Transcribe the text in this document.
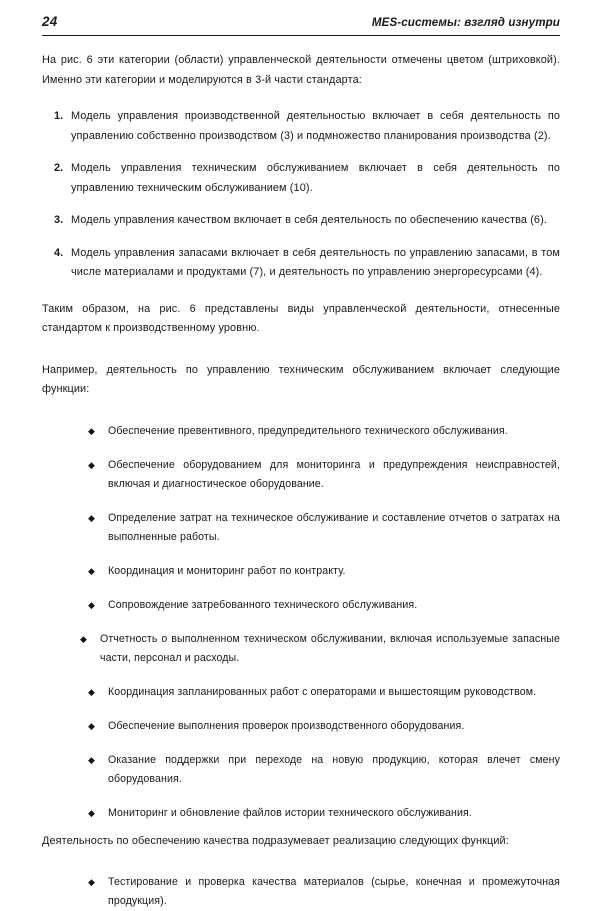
24	MES-системы: взгляд изнутри

На рис. 6 эти категории (области) управленческой деятельности отмечены цветом (штриховкой). Именно эти категории и моделируются в 3-й части стандарта:

1. Модель управления производственной деятельностью включает в себя деятельность по управлению собственно производством (3) и подмножество планирования производства (2).
2. Модель управления техническим обслуживанием включает в себя деятельность по управлению техническим обслуживанием (10).
3. Модель управления качеством включает в себя деятельность по обеспечению качества (6).
4. Модель управления запасами включает в себя деятельность по управлению запасами, в том числе материалами и продуктами (7), и деятельность по управлению энергоресурсами (4).

Таким образом, на рис. 6 представлены виды управленческой деятельности, отнесенные стандартом к производственному уровню.

Например, деятельность по управлению техническим обслуживанием включает следующие функции:

◆ Обеспечение превентивного, предупредительного технического обслуживания.
◆ Обеспечение оборудованием для мониторинга и предупреждения неисправностей, включая и диагностическое оборудование.
◆ Определение затрат на техническое обслуживание и составление отчетов о затратах на выполненные работы.
◆ Координация и мониторинг работ по контракту.
◆ Сопровождение затребованного технического обслуживания.
◆ Отчетность о выполненном техническом обслуживании, включая используемые запасные части, персонал и расходы.
◆ Координация запланированных работ с операторами и вышестоящим руководством.
◆ Обеспечение выполнения проверок производственного оборудования.
◆ Оказание поддержки при переходе на новую продукцию, которая влечет смену оборудования.
◆ Мониторинг и обновление файлов истории технического обслуживания.

Деятельность по обеспечению качества подразумевает реализацию следующих функций:

◆ Тестирование и проверка качества материалов (сырье, конечная и промежуточная продукция).
